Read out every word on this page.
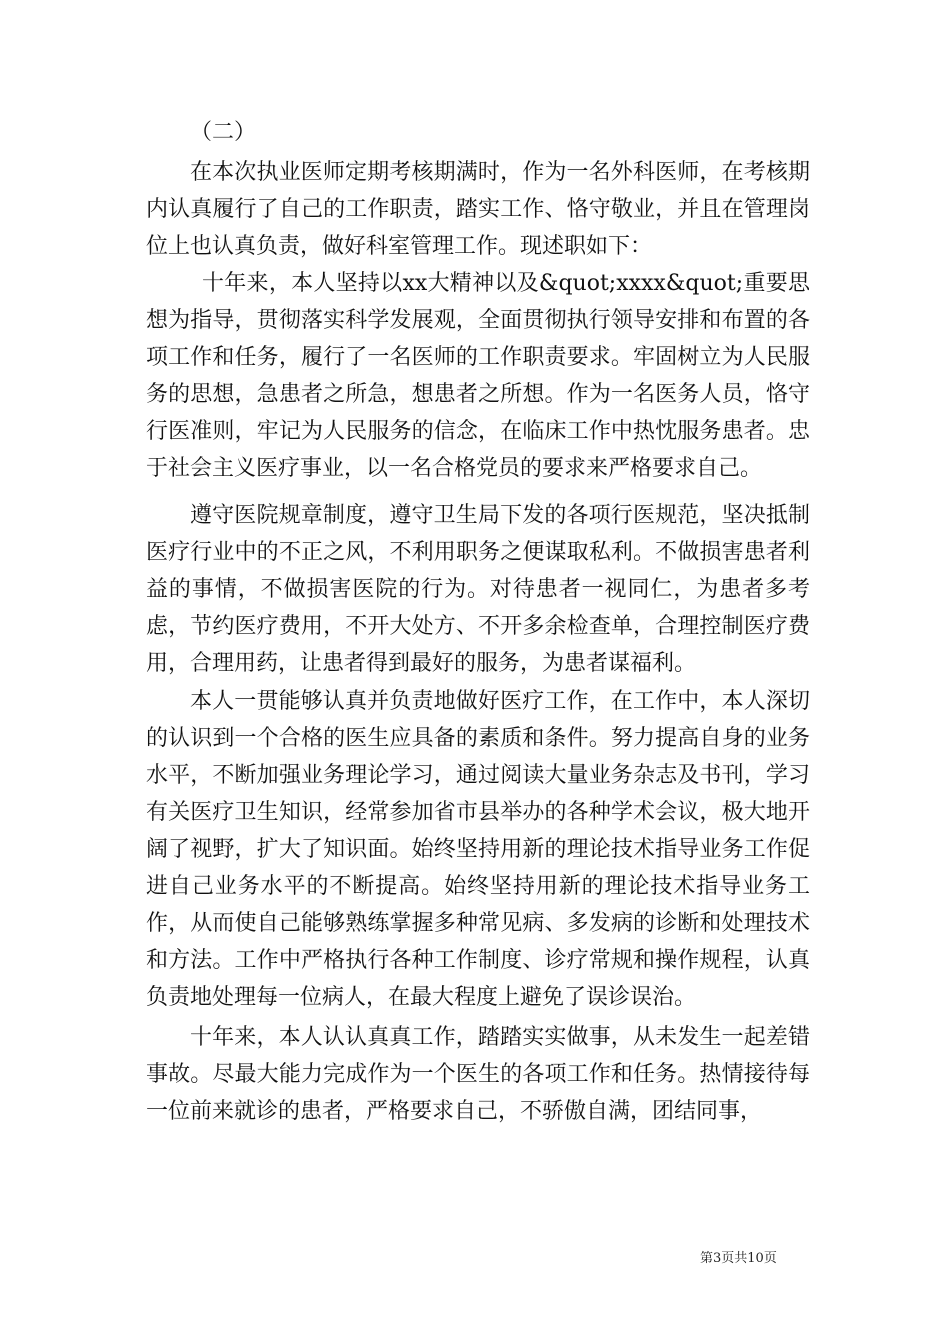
（二）

在本次执业医师定期考核期满时，作为一名外科医师，在考核期内认真履行了自己的工作职责，踏实工作、恪守敬业，并且在管理岗位上也认真负责，做好科室管理工作。现述职如下：

十年来，本人坚持以xx大精神以及&quot;xxxx&quot;重要思想为指导，贯彻落实科学发展观，全面贯彻执行领导安排和布置的各项工作和任务，履行了一名医师的工作职责要求。牢固树立为人民服务的思想，急患者之所急，想患者之所想。作为一名医务人员，恪守行医准则，牢记为人民服务的信念，在临床工作中热忱服务患者。忠于社会主义医疗事业，以一名合格党员的要求来严格要求自己。

遵守医院规章制度，遵守卫生局下发的各项行医规范，坚决抵制医疗行业中的不正之风，不利用职务之便谋取私利。不做损害患者利益的事情，不做损害医院的行为。对待患者一视同仁，为患者多考虑，节约医疗费用，不开大处方、不开多余检查单，合理控制医疗费用，合理用药，让患者得到最好的服务，为患者谋福利。

本人一贯能够认真并负责地做好医疗工作，在工作中，本人深切的认识到一个合格的医生应具备的素质和条件。努力提高自身的业务水平，不断加强业务理论学习，通过阅读大量业务杂志及书刊，学习有关医疗卫生知识，经常参加省市县举办的各种学术会议，极大地开阔了视野，扩大了知识面。始终坚持用新的理论技术指导业务工作促进自己业务水平的不断提高。始终坚持用新的理论技术指导业务工作，从而使自己能够熟练掌握多种常见病、多发病的诊断和处理技术和方法。工作中严格执行各种工作制度、诊疗常规和操作规程，认真负责地处理每一位病人，在最大程度上避免了误诊误治。

十年来，本人认认真真工作，踏踏实实做事，从未发生一起差错事故。尽最大能力完成作为一个医生的各项工作和任务。热情接待每一位前来就诊的患者，严格要求自己，不骄傲自满，团结同事，

第3页共10页
